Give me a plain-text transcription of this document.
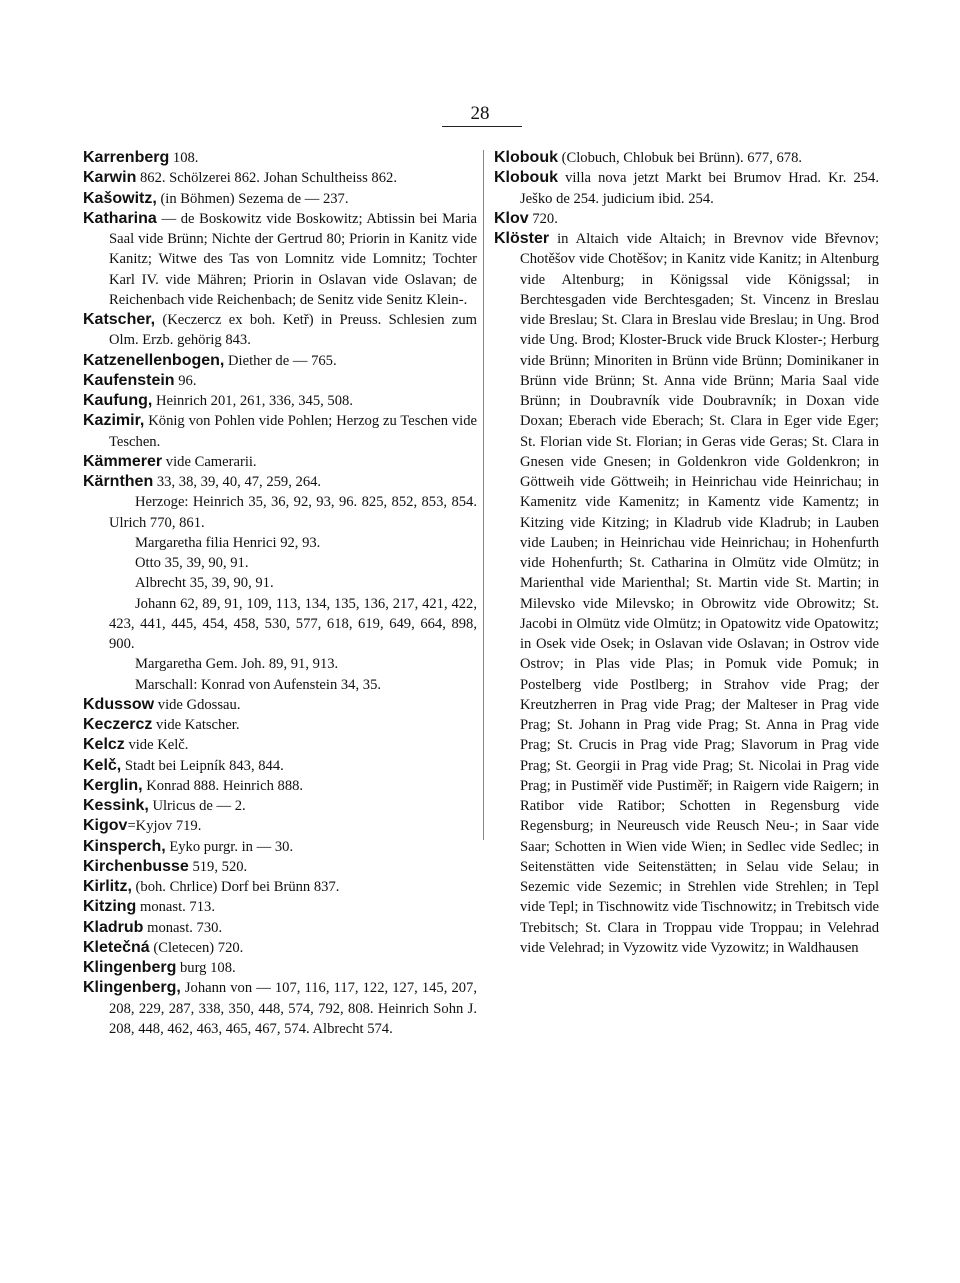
28
Karrenberg 108.
Karwin 862. Schölzerei 862. Johan Schultheiss 862.
Kašowitz, (in Böhmen) Sezema de — 237.
Katharina — de Boskowitz vide Boskowitz; Abtissin bei Maria Saal vide Brünn; Nichte der Gertrud 80; Priorin in Kanitz vide Kanitz; Witwe des Tas von Lomnitz vide Lomnitz; Tochter Karl IV. vide Mähren; Priorin in Oslavan vide Oslavan; de Reichenbach vide Reichenbach; de Senitz vide Senitz Klein-.
Katscher, (Keczercz ex boh. Ketř) in Preuss. Schlesien zum Olm. Erzb. gehörig 843.
Katzenellenbogen, Diether de — 765.
Kaufenstein 96.
Kaufung, Heinrich 201, 261, 336, 345, 508.
Kazimir, König von Pohlen vide Pohlen; Herzog zu Teschen vide Teschen.
Kämmerer vide Camerarii.
Kärnthen 33, 38, 39, 40, 47, 259, 264.
Herzoge: Heinrich 35, 36, 92, 93, 96. 825, 852, 853, 854. Ulrich 770, 861.
Margaretha filia Henrici 92, 93.
Otto 35, 39, 90, 91.
Albrecht 35, 39, 90, 91.
Johann 62, 89, 91, 109, 113, 134, 135, 136, 217, 421, 422, 423, 441, 445, 454, 458, 530, 577, 618, 619, 649, 664, 898, 900.
Margaretha Gem. Joh. 89, 91, 913.
Marschall: Konrad von Aufenstein 34, 35.
Kdussow vide Gdossau.
Keczercz vide Katscher.
Kelcz vide Kelč.
Kelč, Stadt bei Leipník 843, 844.
Kerglin, Konrad 888. Heinrich 888.
Kessink, Ulricus de — 2.
Kigov=Kyjov 719.
Kinsperch, Eyko purgr. in — 30.
Kirchenbusse 519, 520.
Kirlitz, (boh. Chrlice) Dorf bei Brünn 837.
Kitzing monast. 713.
Kladrub monast. 730.
Kletečná (Cletecen) 720.
Klingenberg burg 108.
Klingenberg, Johann von — 107, 116, 117, 122, 127, 145, 207, 208, 229, 287, 338, 350, 448, 574, 792, 808. Heinrich Sohn J. 208, 448, 462, 463, 465, 467, 574. Albrecht 574.
Klobouk (Clobuch, Chlobuk bei Brünn). 677, 678.
Klobouk villa nova jetzt Markt bei Brumov Hrad. Kr. 254. Ješko de 254. judicium ibid. 254.
Klov 720.
Klöster in Altaich vide Altaich; in Brevnov vide Břevnov; Chotěšov vide Chotěšov; in Kanitz vide Kanitz; in Altenburg vide Altenburg; in Königssal vide Königssal; in Berchtesgaden vide Berchtesgaden; St. Vincenz in Breslau vide Breslau; St. Clara in Breslau vide Breslau; in Ung. Brod vide Ung. Brod; Kloster-Bruck vide Bruck Kloster-; Herburg vide Brünn; Minoriten in Brünn vide Brünn; Dominikaner in Brünn vide Brünn; St. Anna vide Brünn; Maria Saal vide Brünn; in Doubravník vide Doubravník; in Doxan vide Doxan; Eberach vide Eberach; St. Clara in Eger vide Eger; St. Florian vide St. Florian; in Geras vide Geras; St. Clara in Gnesen vide Gnesen; in Goldenkron vide Goldenkron; in Göttweih vide Göttweih; in Heinrichau vide Heinrichau; in Kamenitz vide Kamenitz; in Kamentz vide Kamentz; in Kitzing vide Kitzing; in Kladrub vide Kladrub; in Lauben vide Lauben; in Heinrichau vide Heinrichau; in Hohenfurth vide Hohenfurth; St. Catharina in Olmütz vide Olmütz; in Marienthal vide Marienthal; St. Martin vide St. Martin; in Milevsko vide Milevsko; in Obrowitz vide Obrowitz; St. Jacobi in Olmütz vide Olmütz; in Opatowitz vide Opatowitz; in Osek vide Osek; in Oslavan vide Oslavan; in Ostrov vide Ostrov; in Plas vide Plas; in Pomuk vide Pomuk; in Postelberg vide Postlberg; in Strahov vide Prag; der Kreutzherren in Prag vide Prag; der Malteser in Prag vide Prag; St. Johann in Prag vide Prag; St. Anna in Prag vide Prag; St. Crucis in Prag vide Prag; Slavorum in Prag vide Prag; St. Georgii in Prag vide Prag; St. Nicolai in Prag vide Prag; in Pustiměř vide Pustiměř; in Raigern vide Raigern; in Ratibor vide Ratibor; Schotten in Regensburg vide Regensburg; in Neureusch vide Reusch Neu-; in Saar vide Saar; Schotten in Wien vide Wien; in Sedlec vide Sedlec; in Seitenstätten vide Seitenstätten; in Selau vide Selau; in Sezemic vide Sezemic; in Strehlen vide Strehlen; in Tepl vide Tepl; in Tischnowitz vide Tischnowitz; in Trebitsch vide Trebitsch; St. Clara in Troppau vide Troppau; in Velehrad vide Velehrad; in Vyzowitz vide Vyzowitz; in Waldhausen
